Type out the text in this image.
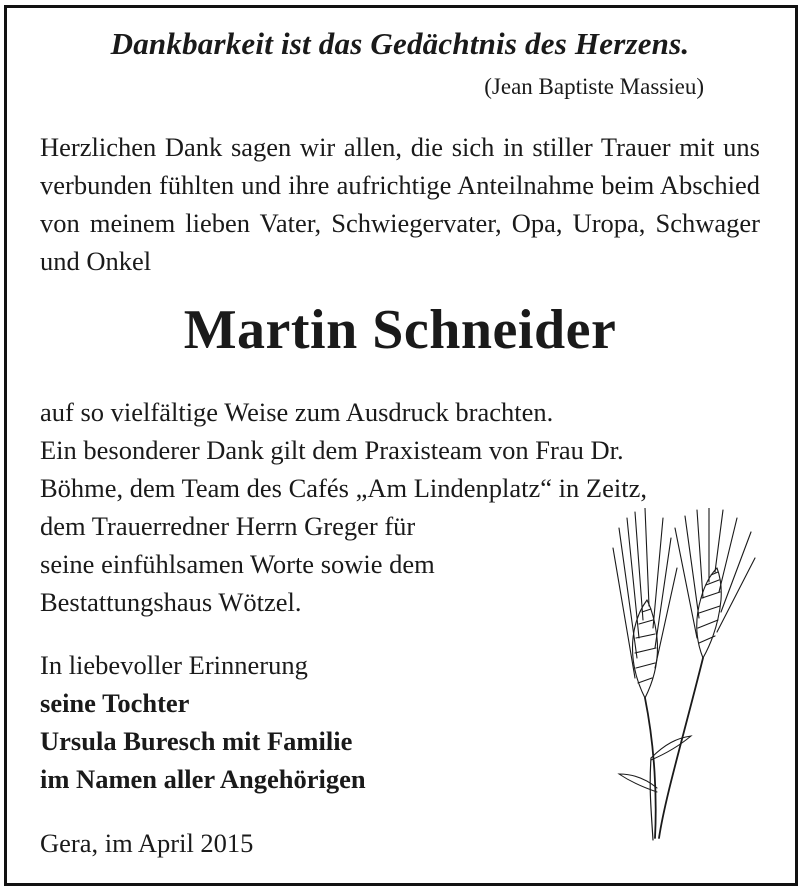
Dankbarkeit ist das Gedächtnis des Herzens.

(Jean Baptiste Massieu)

Herzlichen Dank sagen wir allen, die sich in stiller Trauer mit uns verbunden fühlten und ihre aufrichtige Anteilnahme beim Abschied von meinem lieben Vater, Schwiegervater, Opa, Uropa, Schwager und Onkel

Martin Schneider
auf so vielfältige Weise zum Ausdruck brachten.
Ein besonderer Dank gilt dem Praxisteam von Frau Dr.
Böhme, dem Team des Cafés „Am Lindenplatz“ in Zeitz,
dem Trauerredner Herrn Greger für
seine einfühlsamen Worte sowie dem
Bestattungshaus Wötzel.
In liebevoller Erinnerung
seine Tochter
Ursula Buresch mit Familie
im Namen aller Angehörigen

Gera, im April 2015
